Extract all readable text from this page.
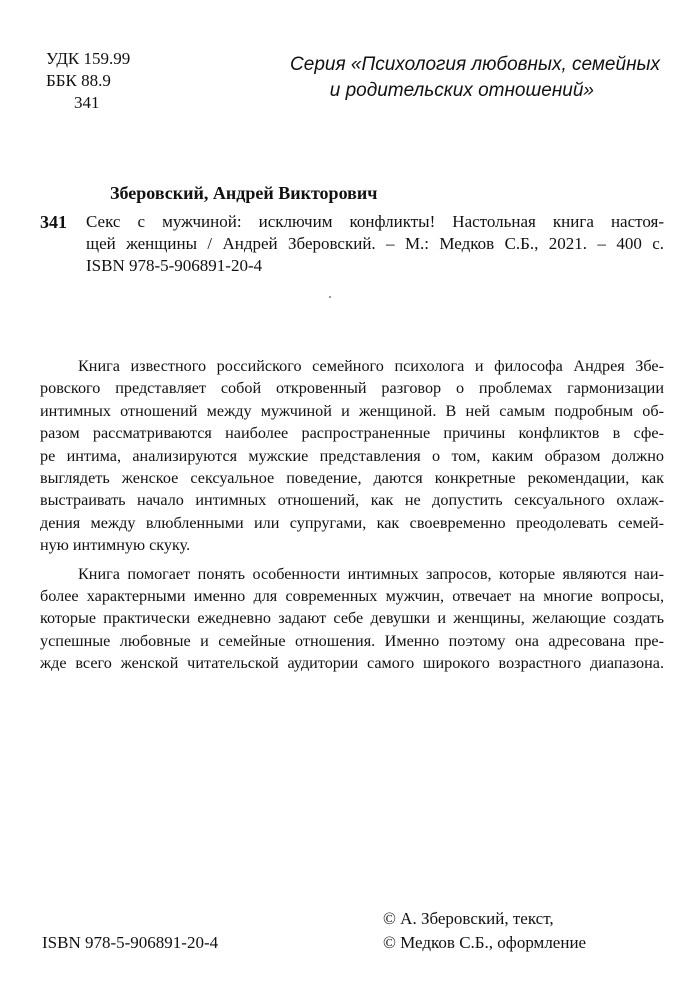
УДК 159.99
ББК 88.9
341
Серия «Психология любовных, семейных
и родительских отношений»
Зберовский, Андрей Викторович
341 Секс с мужчиной: исключим конфликты! Настольная книга настоя-
щей женщины / Андрей Зберовский. – М.: Медков С.Б., 2021. – 400 с.
ISBN 978-5-906891-20-4
Книга известного российского семейного психолога и философа Андрея Збе-
ровского представляет собой откровенный разговор о проблемах гармонизации
интимных отношений между мужчиной и женщиной. В ней самым подробным об-
разом рассматриваются наиболее распространенные причины конфликтов в сфе-
ре интима, анализируются мужские представления о том, каким образом должно
выглядеть женское сексуальное поведение, даются конкретные рекомендации, как
выстраивать начало интимных отношений, как не допустить сексуального охлаж-
дения между влюбленными или супругами, как своевременно преодолевать семей-
ную интимную скуку.
Книга помогает понять особенности интимных запросов, которые являются наи-
более характерными именно для современных мужчин, отвечает на многие вопросы,
которые практически ежедневно задают себе девушки и женщины, желающие создать
успешные любовные и семейные отношения. Именно поэтому она адресована пре-
жде всего женской читательской аудитории самого широкого возрастного диапазона.
ISBN 978-5-906891-20-4
© А. Зберовский, текст,
© Медков С.Б., оформление
